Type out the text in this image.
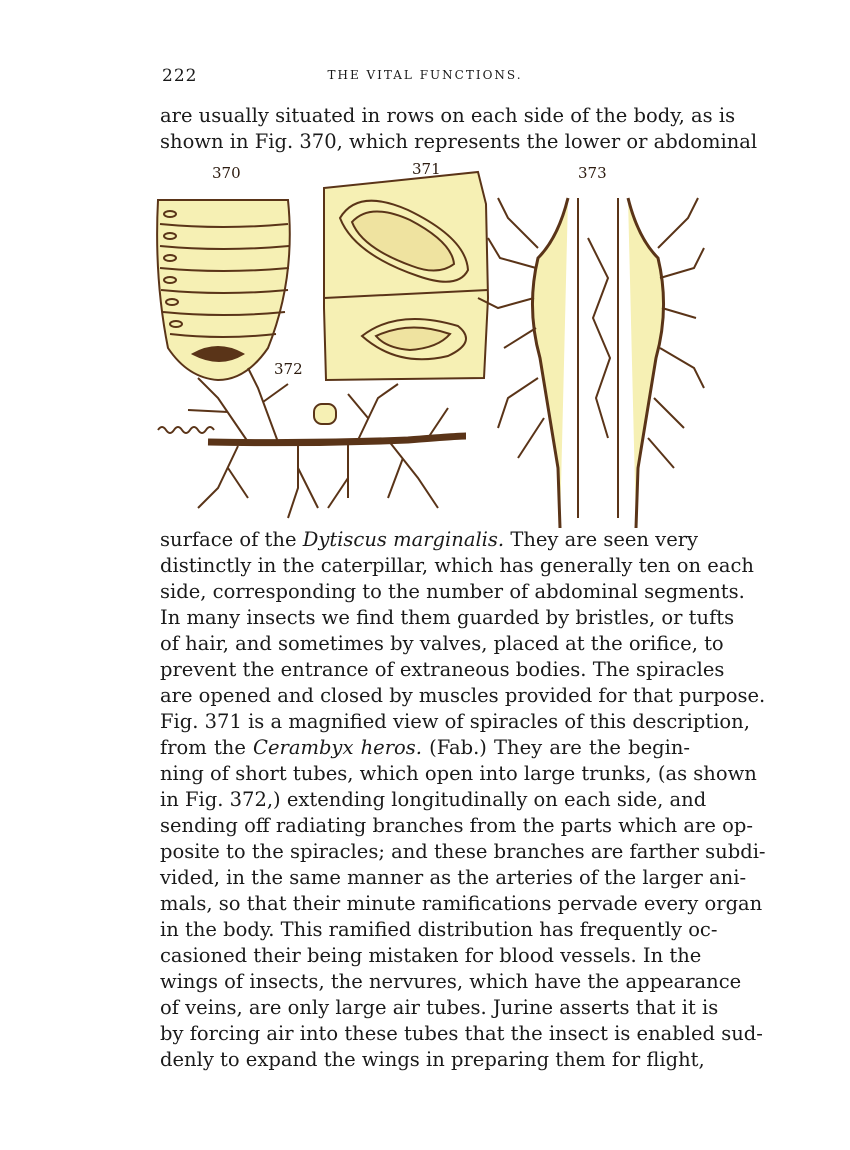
222	THE VITAL FUNCTIONS.
are usually situated in rows on each side of the body, as is
shown in Fig. 370, which represents the lower or abdominal
370	371
372
373
surface of the Dytiscus marginalis. They are seen very
distinctly in the caterpillar, which has generally ten on each
side, corresponding to the number of abdominal segments.
In many insects we find them guarded by bristles, or tufts
of hair, and sometimes by valves, placed at the orifice, to
prevent the entrance of extraneous bodies. The spiracles
are opened and closed by muscles provided for that purpose.
Fig. 371 is a magnified view of spiracles of this description,
from the Cerambyx heros. (Fab.) They are the begin-
ning of short tubes, which open into large trunks, (as shown
in Fig. 372,) extending longitudinally on each side, and
sending off radiating branches from the parts which are op-
posite to the spiracles; and these branches are farther subdi-
vided, in the same manner as the arteries of the larger ani-
mals, so that their minute ramifications pervade every organ
in the body. This ramified distribution has frequently oc-
casioned their being mistaken for blood vessels. In the
wings of insects, the nervures, which have the appearance
of veins, are only large air tubes. Jurine asserts that it is
by forcing air into these tubes that the insect is enabled sud-
denly to expand the wings in preparing them for flight,
